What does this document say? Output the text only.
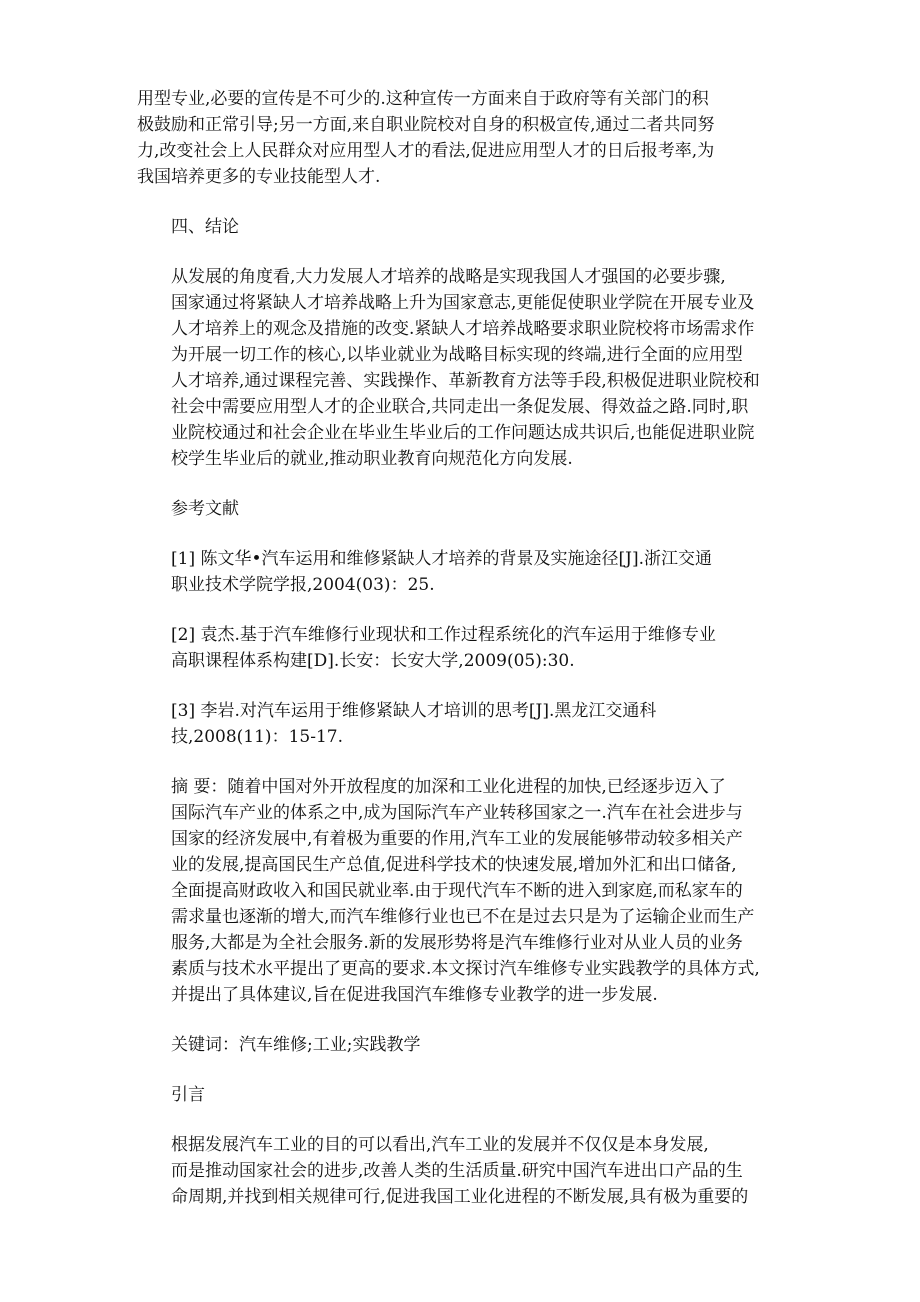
用型专业,必要的宣传是不可少的.这种宣传一方面来自于政府等有关部门的积
极鼓励和正常引导;另一方面,来自职业院校对自身的积极宣传,通过二者共同努
力,改变社会上人民群众对应用型人才的看法,促进应用型人才的日后报考率,为
我国培养更多的专业技能型人才.
四、结论
从发展的角度看,大力发展人才培养的战略是实现我国人才强国的必要步骤,
国家通过将紧缺人才培养战略上升为国家意志,更能促使职业学院在开展专业及
人才培养上的观念及措施的改变.紧缺人才培养战略要求职业院校将市场需求作
为开展一切工作的核心,以毕业就业为战略目标实现的终端,进行全面的应用型
人才培养,通过课程完善、实践操作、革新教育方法等手段,积极促进职业院校和
社会中需要应用型人才的企业联合,共同走出一条促发展、得效益之路.同时,职
业院校通过和社会企业在毕业生毕业后的工作问题达成共识后,也能促进职业院
校学生毕业后的就业,推动职业教育向规范化方向发展.
参考文献
[1] 陈文华•汽车运用和维修紧缺人才培养的背景及实施途径[J].浙江交通
职业技术学院学报,2004(03)：25.
[2] 袁杰.基于汽车维修行业现状和工作过程系统化的汽车运用于维修专业
高职课程体系构建[D].长安：长安大学,2009(05):30.
[3] 李岩.对汽车运用于维修紧缺人才培训的思考[J].黑龙江交通科
技,2008(11)：15-17.
摘 要：随着中国对外开放程度的加深和工业化进程的加快,已经逐步迈入了
国际汽车产业的体系之中,成为国际汽车产业转移国家之一.汽车在社会进步与
国家的经济发展中,有着极为重要的作用,汽车工业的发展能够带动较多相关产
业的发展,提高国民生产总值,促进科学技术的快速发展,增加外汇和出口储备,
全面提高财政收入和国民就业率.由于现代汽车不断的进入到家庭,而私家车的
需求量也逐渐的增大,而汽车维修行业也已不在是过去只是为了运输企业而生产
服务,大都是为全社会服务.新的发展形势将是汽车维修行业对从业人员的业务
素质与技术水平提出了更高的要求.本文探讨汽车维修专业实践教学的具体方式,
并提出了具体建议,旨在促进我国汽车维修专业教学的进一步发展.
关键词：汽车维修;工业;实践教学
引言
根据发展汽车工业的目的可以看出,汽车工业的发展并不仅仅是本身发展,
而是推动国家社会的进步,改善人类的生活质量.研究中国汽车进出口产品的生
命周期,并找到相关规律可行,促进我国工业化进程的不断发展,具有极为重要的
